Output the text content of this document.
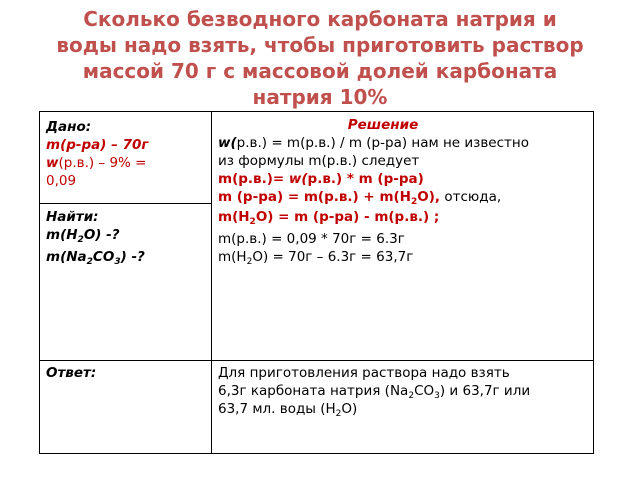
Сколько безводного карбоната натрия и
воды надо взять, чтобы приготовить раствор
массой 70 г с массовой долей карбоната
натрия 10%
Дано:
m(р-ра) – 70г
w(р.в.) – 9% =
0,09
Найти:
$m(H_2O)$ -?
$m(Na_2CO_3)$ -?
Ответ:
Решение
w(р.в.) = m(р.в.) / m (р-ра) нам не известно
из формулы m(р.в.) следует
m(р.в.)= w(р.в.) * m (р-ра)
m $(р-ра) = m(р.в.) + m(H_2O)$, отсюда,
$m(H_2O) = m$ (р-ра) - m(р.в.) ;
m(р.в.) = 0,09 * 70г = 6.3г
$m(H_2O) = 70г - 6.3г = 63,7г$
Для приготовления раствора надо взять
6,3г карбоната натрия $(Na_2CO_3)$ и 63,7г или
63,7 мл. воды $(H_2O)$
